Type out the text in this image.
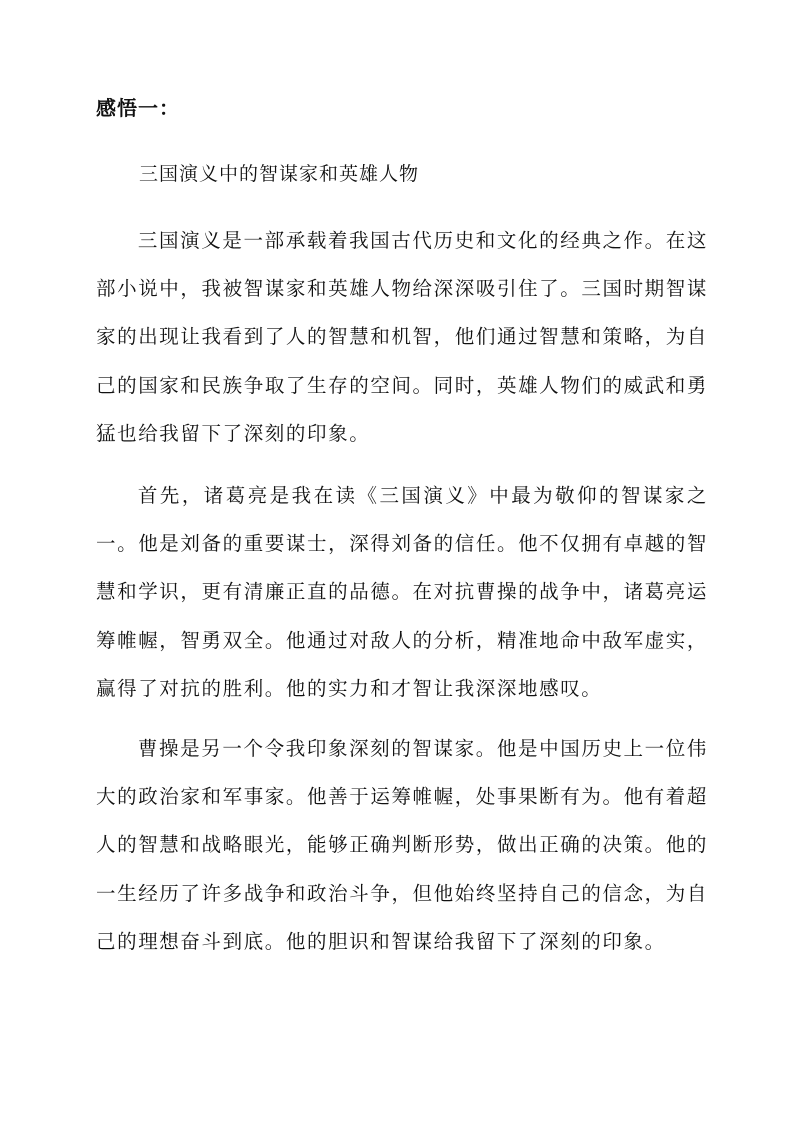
感悟一：

三国演义中的智谋家和英雄人物

三国演义是一部承载着我国古代历史和文化的经典之作。在这部小说中，我被智谋家和英雄人物给深深吸引住了。三国时期智谋家的出现让我看到了人的智慧和机智，他们通过智慧和策略，为自己的国家和民族争取了生存的空间。同时，英雄人物们的威武和勇猛也给我留下了深刻的印象。

首先，诸葛亮是我在读《三国演义》中最为敬仰的智谋家之一。他是刘备的重要谋士，深得刘备的信任。他不仅拥有卓越的智慧和学识，更有清廉正直的品德。在对抗曹操的战争中，诸葛亮运筹帷幄，智勇双全。他通过对敌人的分析，精准地命中敌军虚实，赢得了对抗的胜利。他的实力和才智让我深深地感叹。

曹操是另一个令我印象深刻的智谋家。他是中国历史上一位伟大的政治家和军事家。他善于运筹帷幄，处事果断有为。他有着超人的智慧和战略眼光，能够正确判断形势，做出正确的决策。他的一生经历了许多战争和政治斗争，但他始终坚持自己的信念，为自己的理想奋斗到底。他的胆识和智谋给我留下了深刻的印象。
